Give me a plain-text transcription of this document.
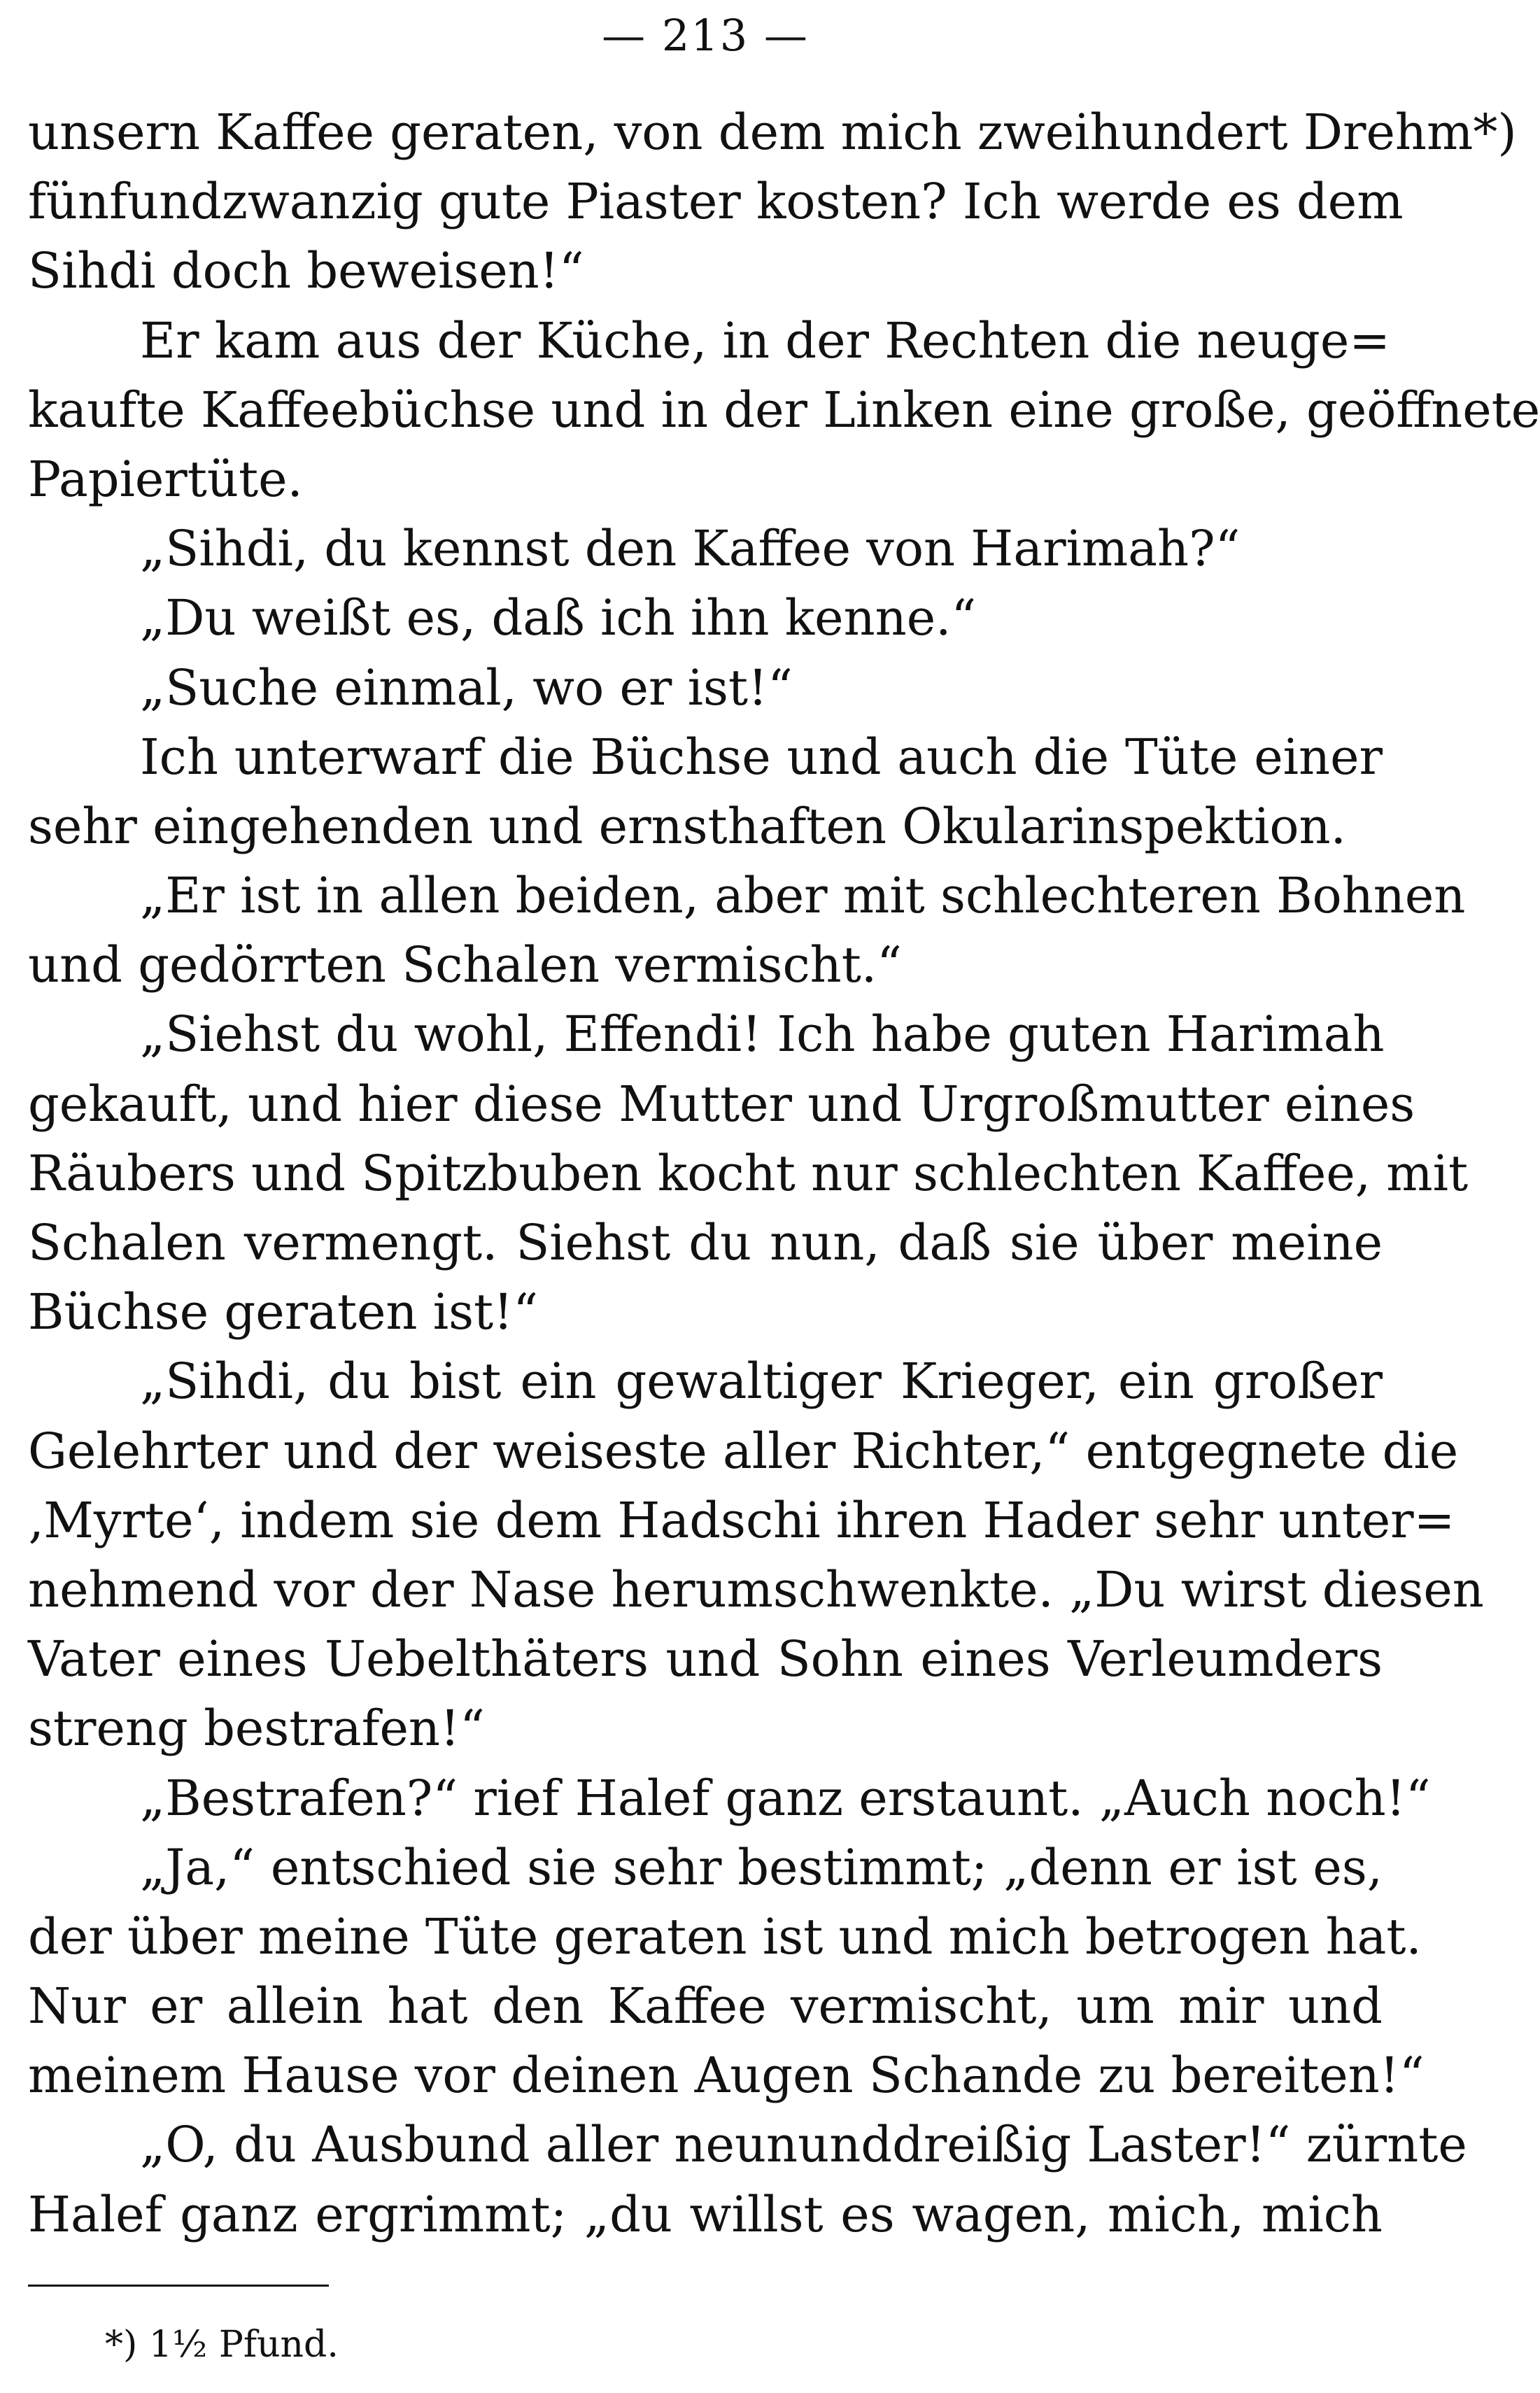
— 213 —
unsern Kaffee geraten, von dem mich zweihundert Drehm*)
fünfundzwanzig gute Piaster kosten? Ich werde es dem
Sihdi doch beweisen!“
Er kam aus der Küche, in der Rechten die neuge=
kaufte Kaffeebüchse und in der Linken eine große, geöffnete
Papiertüte.
„Sihdi, du kennst den Kaffee von Harimah?“
„Du weißt es, daß ich ihn kenne.“
„Suche einmal, wo er ist!“
Ich unterwarf die Büchse und auch die Tüte einer
sehr eingehenden und ernsthaften Okularinspektion.
„Er ist in allen beiden, aber mit schlechteren Bohnen
und gedörrten Schalen vermischt.“
„Siehst du wohl, Effendi! Ich habe guten Harimah
gekauft, und hier diese Mutter und Urgroßmutter eines
Räubers und Spitzbuben kocht nur schlechten Kaffee, mit
Schalen vermengt. Siehst du nun, daß sie über meine
Büchse geraten ist!“
„Sihdi, du bist ein gewaltiger Krieger, ein großer
Gelehrter und der weiseste aller Richter,“ entgegnete die
‚Myrte‘, indem sie dem Hadschi ihren Hader sehr unter=
nehmend vor der Nase herumschwenkte. „Du wirst diesen
Vater eines Uebelthäters und Sohn eines Verleumders
streng bestrafen!“
„Bestrafen?“ rief Halef ganz erstaunt. „Auch noch!“
„Ja,“ entschied sie sehr bestimmt; „denn er ist es,
der über meine Tüte geraten ist und mich betrogen hat.
Nur er allein hat den Kaffee vermischt, um mir und
meinem Hause vor deinen Augen Schande zu bereiten!“
„O, du Ausbund aller neununddreißig Laster!“ zürnte
Halef ganz ergrimmt; „du willst es wagen, mich, mich
*) 1½ Pfund.
